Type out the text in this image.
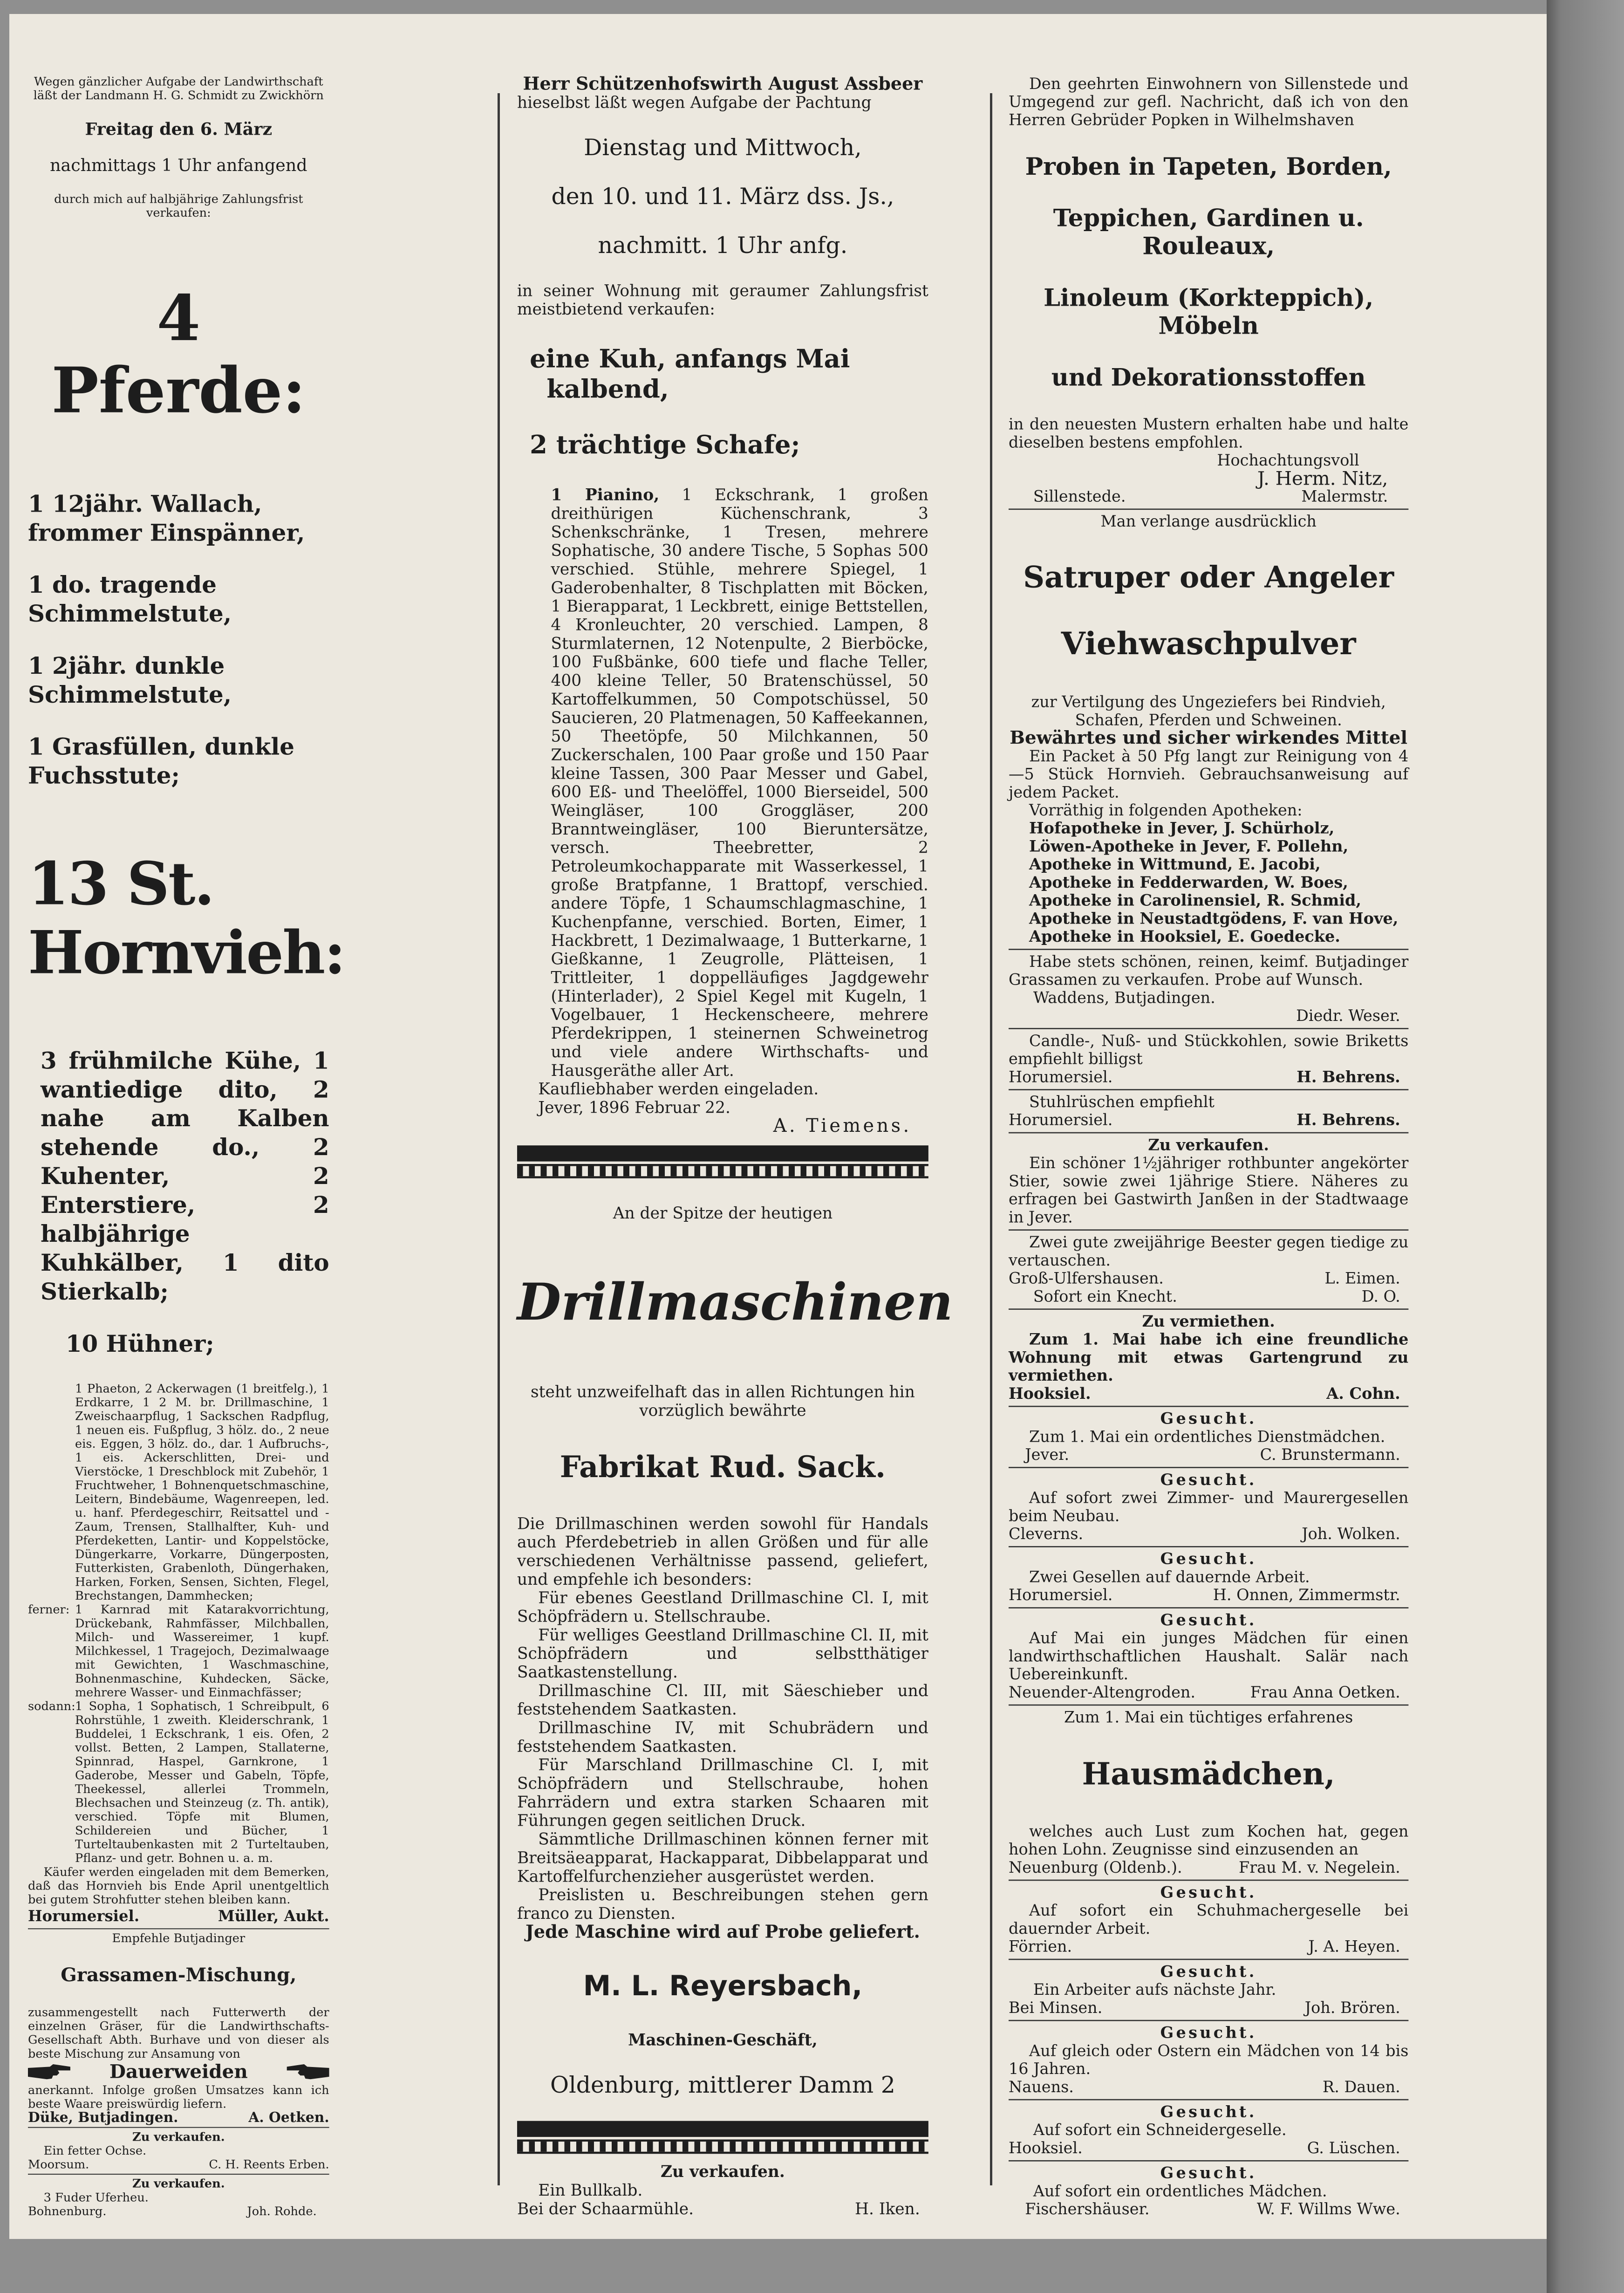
Wegen gänzlicher Aufgabe der Landwirthschaft

läßt der Landmann H. G. Schmidt zu Zwickhörn

Freitag den 6. März

nachmittags 1 Uhr anfangend

durch mich auf halbjährige Zahlungsfrist verkaufen:

4 Pferde:

1 12jähr. Wallach, frommer Einspänner,

1 do. tragende Schimmelstute,

1 2jähr. dunkle Schimmelstute,

1 Grasfüllen, dunkle Fuchsstute;

13 St. Hornvieh:

3 frühmilche Kühe, 1 wantiedige dito, 2 nahe am Kalben stehende do., 2 Kuhenter, 2 Enterstiere, 2 halbjährige Kuhkälber, 1 dito Stierkalb;

10 Hühner;

1 Phaeton, 2 Ackerwagen (1 breitfelg.), 1 Erdkarre, 1 2 M. br. Drillmaschine, 1 Zweischaarpflug, 1 Sackschen Radpflug, 1 neuen eis. Fußpflug, 3 hölz. do., 2 neue eis. Eggen, 3 hölz. do., dar. 1 Aufbruchs-, 1 eis. Ackerschlitten, Drei- und Vierstöcke, 1 Dreschblock mit Zubehör, 1 Fruchtweher, 1 Bohnenquetschmaschine, Leitern, Bindebäume, Wagenreepen, led. u. hanf. Pferdegeschirr, Reitsattel und -Zaum, Trensen, Stallhalfter, Kuh- und Pferdeketten, Lantir- und Koppelstöcke, Düngerkarre, Vorkarre, Düngerposten, Futterkisten, Grabenloth, Düngerhaken, Harken, Forken, Sensen, Sichten, Flegel, Brechstangen, Dammhecken;

ferner: 1 Karnrad mit Katarakvorrichtung, Drückebank, Rahmfässer, Milchballen, Milch- und Wassereimer, 1 kupf. Milchkessel, 1 Tragejoch, Dezimalwaage mit Gewichten, 1 Waschmaschine, Bohnenmaschine, Kuhdecken, Säcke, mehrere Wasser- und Einmachfässer;

sodann: 1 Sopha, 1 Sophatisch, 1 Schreibpult, 6 Rohrstühle, 1 zweith. Kleiderschrank, 1 Buddelei, 1 Eckschrank, 1 eis. Ofen, 2 vollst. Betten, 2 Lampen, Stallaterne, Spinnrad, Haspel, Garnkrone, 1 Gaderobe, Messer und Gabeln, Töpfe, Theekessel, allerlei Trommeln, Blechsachen und Steinzeug (z. Th. antik), verschied. Töpfe mit Blumen, Schildereien und Bücher, 1 Turteltaubenkasten mit 2 Turteltauben, Pflanz- und getr. Bohnen u. a. m.

Käufer werden eingeladen mit dem Bemerken, daß das Hornvieh bis Ende April unentgeltlich bei gutem Strohfutter stehen bleiben kann.

Horumersiel.	Müller, Aukt.

Empfehle Butjadinger

Grassamen-Mischung,

zusammengestellt nach Futterwerth der einzelnen Gräser, für die Landwirthschafts-Gesellschaft Abth. Burhave und von dieser als beste Mischung zur Ansamung von

Dauerweiden

anerkannt. Infolge großen Umsatzes kann ich beste Waare preiswürdig liefern.

Düke, Butjadingen.	A. Oetken.

Zu verkaufen.

Ein fetter Ochse.

Moorsum.	C. H. Reents Erben.

Zu verkaufen.

3 Fuder Uferheu.

Bohnenburg.	Joh. Rohde.

Herr Schützenhofswirth August Assbeer

hieselbst läßt wegen Aufgabe der Pachtung

Dienstag und Mittwoch,

den 10. und 11. März dss. Js.,

nachmitt. 1 Uhr anfg.

in seiner Wohnung mit geraumer Zahlungsfrist meistbietend verkaufen:

eine Kuh, anfangs Mai kalbend,

2 trächtige Schafe;

1 Pianino, 1 Eckschrank, 1 großen dreithürigen Küchenschrank, 3 Schenkschränke, 1 Tresen, mehrere Sophatische, 30 andere Tische, 5 Sophas 500 verschied. Stühle, mehrere Spiegel, 1 Gaderobenhalter, 8 Tischplatten mit Böcken, 1 Bierapparat, 1 Leckbrett, einige Bettstellen, 4 Kronleuchter, 20 verschied. Lampen, 8 Sturmlaternen, 12 Notenpulte, 2 Bierböcke, 100 Fußbänke, 600 tiefe und flache Teller, 400 kleine Teller, 50 Bratenschüssel, 50 Kartoffelkummen, 50 Compotschüssel, 50 Saucieren, 20 Platmenagen, 50 Kaffeekannen, 50 Theetöpfe, 50 Milchkannen, 50 Zuckerschalen, 100 Paar große und 150 Paar kleine Tassen, 300 Paar Messer und Gabel, 600 Eß- und Theelöffel, 1000 Bierseidel, 500 Weingläser, 100 Groggläser, 200 Branntweingläser, 100 Bieruntersätze, versch. Theebretter, 2 Petroleumkochapparate mit Wasserkessel, 1 große Bratpfanne, 1 Brattopf, verschied. andere Töpfe, 1 Schaumschlagmaschine, 1 Kuchenpfanne, verschied. Borten, Eimer, 1 Hackbrett, 1 Dezimalwaage, 1 Butterkarne, 1 Gießkanne, 1 Zeugrolle, Plätteisen, 1 Trittleiter, 1 doppelläufiges Jagdgewehr (Hinterlader), 2 Spiel Kegel mit Kugeln, 1 Vogelbauer, 1 Heckenscheere, mehrere Pferdekrippen, 1 steinernen Schweinetrog und viele andere Wirthschafts- und Hausgeräthe aller Art.

Kaufliebhaber werden eingeladen.

Jever, 1896 Februar 22.

A. Tiemens.

An der Spitze der heutigen

Drillmaschinen

steht unzweifelhaft das in allen Richtungen hin vorzüglich bewährte

Fabrikat Rud. Sack.

Die Drillmaschinen werden sowohl für Handals auch Pferdebetrieb in allen Größen und für alle verschiedenen Verhältnisse passend, geliefert, und empfehle ich besonders:

Für ebenes Geestland Drillmaschine Cl. I, mit Schöpfrädern u. Stellschraube.

Für welliges Geestland Drillmaschine Cl. II, mit Schöpfrädern und selbstthätiger Saatkastenstellung.

Drillmaschine Cl. III, mit Säeschieber und feststehendem Saatkasten.

Drillmaschine IV, mit Schubrädern und feststehendem Saatkasten.

Für Marschland Drillmaschine Cl. I, mit Schöpfrädern und Stellschraube, hohen Fahrrädern und extra starken Schaaren mit Führungen gegen seitlichen Druck.

Sämmtliche Drillmaschinen können ferner mit Breitsäeapparat, Hackapparat, Dibbelapparat und Kartoffelfurchenzieher ausgerüstet werden.

Preislisten u. Beschreibungen stehen gern franco zu Diensten.

Jede Maschine wird auf Probe geliefert.

M. L. Reyersbach,

Maschinen-Geschäft,

Oldenburg, mittlerer Damm 2

Zu verkaufen.

Ein Bullkalb.

Bei der Schaarmühle.	H. Iken.

Den geehrten Einwohnern von Sillenstede und Umgegend zur gefl. Nachricht, daß ich von den Herren Gebrüder Popken in Wilhelmshaven

Proben in Tapeten, Borden,

Teppichen, Gardinen u. Rouleaux,

Linoleum (Korkteppich), Möbeln

und Dekorationsstoffen

in den neuesten Mustern erhalten habe und halte dieselben bestens empfohlen.

Hochachtungsvoll

J. Herm. Nitz,

Sillenstede.	Malermstr.

Man verlange ausdrücklich

Satruper oder Angeler

Viehwaschpulver

zur Vertilgung des Ungeziefers bei Rindvieh, Schafen, Pferden und Schweinen.

Bewährtes und sicher wirkendes Mittel

Ein Packet à 50 Pfg langt zur Reinigung von 4—5 Stück Hornvieh. Gebrauchsanweisung auf jedem Packet.

Vorräthig in folgenden Apotheken:

Hofapotheke in Jever, J. Schürholz,

Löwen-Apotheke in Jever, F. Pollehn,

Apotheke in Wittmund, E. Jacobi,

Apotheke in Fedderwarden, W. Boes,

Apotheke in Carolinensiel, R. Schmid,

Apotheke in Neustadtgödens, F. van Hove,

Apotheke in Hooksiel, E. Goedecke.

Habe stets schönen, reinen, keimf. Butjadinger Grassamen zu verkaufen. Probe auf Wunsch.

Waddens, Butjadingen.

Diedr. Weser.

Candle-, Nuß- und Stückkohlen, sowie Briketts empfiehlt billigst

Horumersiel.	H. Behrens.

Stuhlrüschen empfiehlt

Horumersiel.	H. Behrens.

Zu verkaufen.

Ein schöner 1½jähriger rothbunter angekörter Stier, sowie zwei 1jährige Stiere. Näheres zu erfragen bei Gastwirth Janßen in der Stadtwaage in Jever.

Zwei gute zweijährige Beester gegen tiedige zu vertauschen.

Groß-Ulfershausen.	L. Eimen.
Sofort ein Knecht.	D. O.

Zu vermiethen.

Zum 1. Mai habe ich eine freundliche Wohnung mit etwas Gartengrund zu vermiethen.

Hooksiel.	A. Cohn.

Gesucht.

Zum 1. Mai ein ordentliches Dienstmädchen.

Jever.	C. Brunstermann.

Gesucht.

Auf sofort zwei Zimmer- und Maurergesellen beim Neubau.

Cleverns.	Joh. Wolken.

Gesucht.

Zwei Gesellen auf dauernde Arbeit.

Horumersiel.	H. Onnen, Zimmermstr.

Gesucht.

Auf Mai ein junges Mädchen für einen landwirthschaftlichen Haushalt. Salär nach Uebereinkunft.

Neuender-Altengroden.	Frau Anna Oetken.

Zum 1. Mai ein tüchtiges erfahrenes

Hausmädchen,

welches auch Lust zum Kochen hat, gegen hohen Lohn. Zeugnisse sind einzusenden an

Neuenburg (Oldenb.).	Frau M. v. Negelein.

Gesucht.

Auf sofort ein Schuhmachergeselle bei dauernder Arbeit.

Förrien.	J. A. Heyen.

Gesucht.

Ein Arbeiter aufs nächste Jahr.

Bei Minsen.	Joh. Brören.

Gesucht.

Auf gleich oder Ostern ein Mädchen von 14 bis 16 Jahren.

Nauens.	R. Dauen.

Gesucht.

Auf sofort ein Schneidergeselle.

Hooksiel.	G. Lüschen.

Gesucht.

Auf sofort ein ordentliches Mädchen.

Fischershäuser.	W. F. Willms Wwe.
